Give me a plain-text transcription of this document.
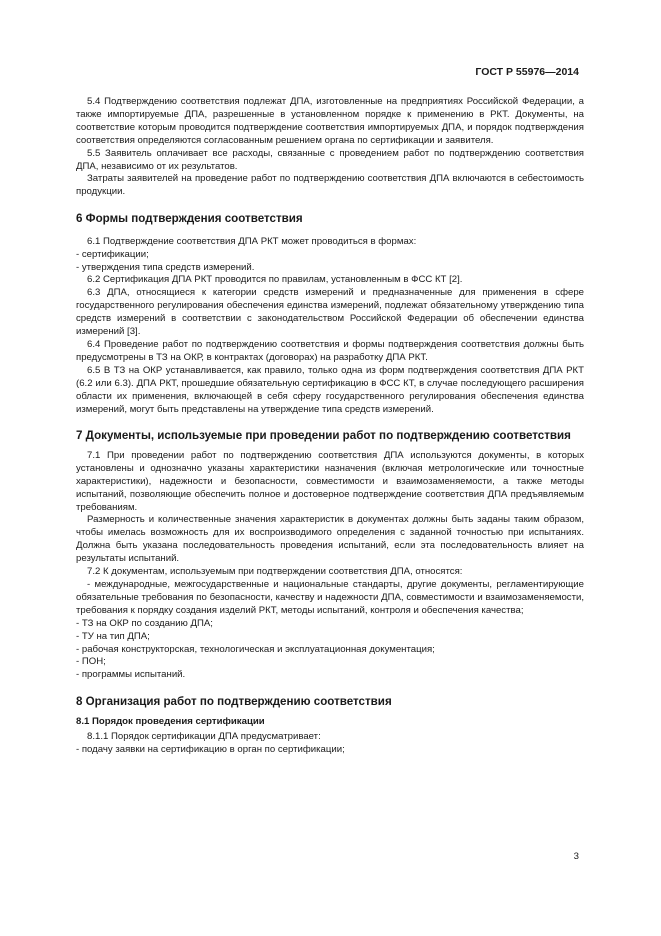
ГОСТ Р 55976—2014

5.4 Подтверждению соответствия подлежат ДПА, изготовленные на предприятиях Российской Федерации, а также импортируемые ДПА, разрешенные в установленном порядке к применению в РКТ. Документы, на соответствие которым проводится подтверждение соответствия импортируемых ДПА, и порядок подтверждения соответствия определяются согласованным решением органа по сертификации и заявителя.

5.5 Заявитель оплачивает все расходы, связанные с проведением работ по подтверждению соответствия ДПА, независимо от их результатов.

Затраты заявителей на проведение работ по подтверждению соответствия ДПА включаются в себестоимость продукции.

6 Формы подтверждения соответствия

6.1 Подтверждение соответствия ДПА РКТ может проводиться в формах:

- сертификации;

- утверждения типа средств измерений.

6.2 Сертификация ДПА РКТ проводится по правилам, установленным в ФСС КТ [2].

6.3 ДПА, относящиеся к категории средств измерений и предназначенные для применения в сфере государственного регулирования обеспечения единства измерений, подлежат обязательному утверждению типа средств измерений в соответствии с законодательством Российской Федерации об обеспечении единства измерений [3].

6.4 Проведение работ по подтверждению соответствия и формы подтверждения соответствия должны быть предусмотрены в ТЗ на ОКР, в контрактах (договорах) на разработку ДПА РКТ.

6.5 В ТЗ на ОКР устанавливается, как правило, только одна из форм подтверждения соответствия ДПА РКТ (6.2 или 6.3). ДПА РКТ, прошедшие обязательную сертификацию в ФСС КТ, в случае последующего расширения области их применения, включающей в себя сферу государственного регулирования обеспечения единства измерений, могут быть представлены на утверждение типа средств измерений.

7 Документы, используемые при проведении работ по подтверждению соответствия

7.1 При проведении работ по подтверждению соответствия ДПА используются документы, в которых установлены и однозначно указаны характеристики назначения (включая метрологические или точностные характеристики), надежности и безопасности, совместимости и взаимозаменяемости, а также методы испытаний, позволяющие обеспечить полное и достоверное подтверждение соответствия ДПА предъявляемым требованиям.

Размерность и количественные значения характеристик в документах должны быть заданы таким образом, чтобы имелась возможность для их воспроизводимого определения с заданной точностью при испытаниях. Должна быть указана последовательность проведения испытаний, если эта последовательность влияет на результаты испытаний.

7.2 К документам, используемым при подтверждении соответствия ДПА, относятся:

- международные, межгосударственные и национальные стандарты, другие документы, регламентирующие обязательные требования по безопасности, качеству и надежности ДПА, совместимости и взаимозаменяемости, требования к порядку создания изделий РКТ, методы испытаний, контроля и обеспечения качества;

- ТЗ на ОКР по созданию ДПА;

- ТУ на тип ДПА;

- рабочая конструкторская, технологическая и эксплуатационная документация;

- ПОН;

- программы испытаний.

8 Организация работ по подтверждению соответствия
8.1 Порядок проведения сертификации

8.1.1 Порядок сертификации ДПА предусматривает:

- подачу заявки на сертификацию в орган по сертификации;

3
